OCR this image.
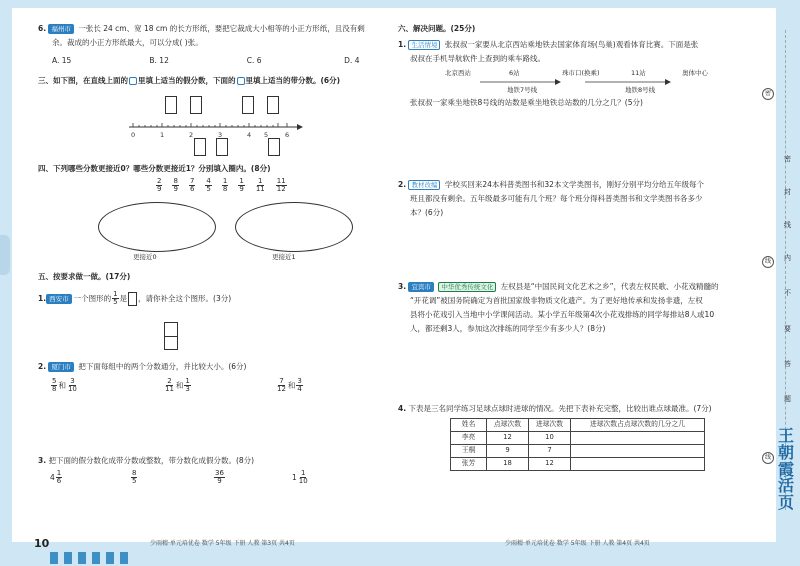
6. 福州市 一张长 24 cm、宽 18 cm 的长方形纸，要把它裁成大小相等的小正方形纸，且没有剩
余。裁成的小正方形纸最大，可以分成( )张。
A. 15	B. 12	C. 6	D. 4
三、如下图，在直线上面的 里填上适当的假分数，下面的 里填上适当的带分数。(6分)
0	1	2	3	4 5	6
四、下列哪些分数更接近0？哪些分数更接近1？分别填入圈内。(8分)
$\frac{2}{9} \frac{8}{9} \frac{7}{6} \frac{4}{5} \frac{1}{8} \frac{1}{9} \frac{1}{11} \frac{11}{12}$
更接近0	更接近1
五、按要求做一做。(17分)
1. 西安市 一个图形的 $\frac{1}{5}$ 是 ，请你补全这个图形。(3分)
2. 厦门市 把下面每组中的两个分数通分，并比较大小。(6分)
$\frac{5}{8}$ 和 $\frac{3}{10}$	$\frac{2}{11}$ 和 $\frac{1}{3}$	$\frac{7}{12}$ 和 $\frac{3}{4}$
3. 把下面的假分数化成带分数或整数，带分数化成假分数。(8分)
$4 \frac{1}{6}$	$\frac{8}{5}$	$\frac{36}{9}$	$1 \frac{1}{10}$
六、解决问题。(25分)
1. 生活情境 张叔叔一家要从北京西站乘地铁去国家体育场(鸟巢)观看体育比赛。下面是张
叔叔在手机导航软件上查到的乘车路线。
北京西站	6站	珠市口(换乘)	11站	奥体中心
地铁7号线	地铁8号线
张叔叔一家乘坐地铁8号线的站数是乘坐地铁总站数的几分之几？(5分)
2. 教材改编 学校买回来24本科普类图书和32本文学类图书，刚好分别平均分给五年级每个
班且都没有剩余。五年级最多可能有几个班？每个班分得科普类图书和文学类图书各多少
本？(6分)
3. 宜宾市 中华优秀传统文化 左权县是“中国民间文化艺术之乡”，代表左权民歌、小花戏精髓的
“开花调”被国务院确定为首批国家级非物质文化遗产。为了更好地传承和发扬非遗，左权
县将小花戏引入当地中小学课间活动。某小学五年级第4次小花戏排练的同学每排站8人或10
人，都还剩3人，参加这次排练的同学至少有多少人？(8分)
4. 下表是三名同学练习足球点球时进球的情况。先把下表补充完整，比较出谁点球最准。(7分)
姓名	点球次数	进球次数	进球次数占点球次数的几分之几
李亮	12	10	
王桐	9	7	
张芳	18	12	
密
线
线
密
封
线
内
不
要
答
题
王
朝
霞
活
页
10	少雨精·单元培优卷 数学 5年级 下册 人教 第3页 共4页	少雨精·单元培优卷 数学 5年级 下册 人教 第4页 共4页
